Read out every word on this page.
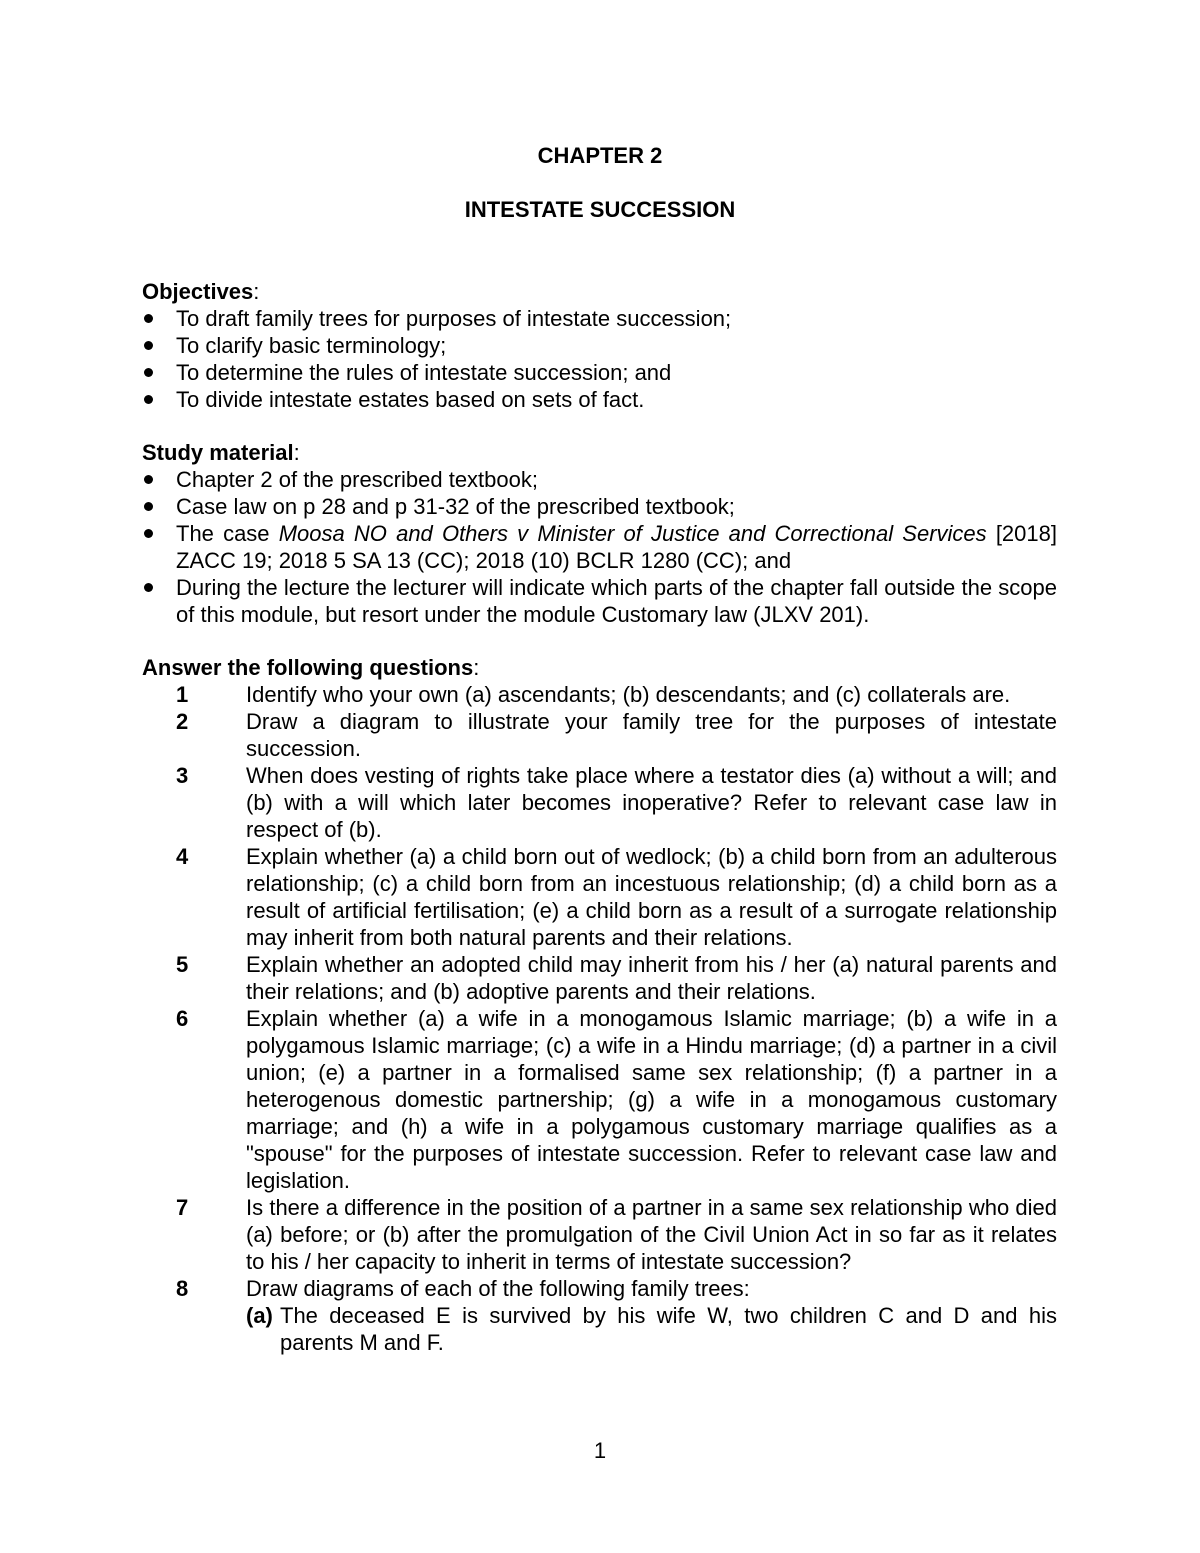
CHAPTER 2
INTESTATE SUCCESSION

Objectives:

To draft family trees for purposes of intestate succession;
To clarify basic terminology;
To determine the rules of intestate succession; and
To divide intestate estates based on sets of fact.

Study material:

Chapter 2 of the prescribed textbook;
Case law on p 28 and p 31-32 of the prescribed textbook;
The case Moosa NO and Others v Minister of Justice and Correctional Services [2018] ZACC 19; 2018 5 SA 13 (CC); 2018 (10) BCLR 1280 (CC); and
During the lecture the lecturer will indicate which parts of the chapter fall outside the scope of this module, but resort under the module Customary law (JLXV 201).

Answer the following questions:

1	Identify who your own (a) ascendants; (b) descendants; and (c) collaterals are.
2	Draw a diagram to illustrate your family tree for the purposes of intestate succession.
3	When does vesting of rights take place where a testator dies (a) without a will; and (b) with a will which later becomes inoperative? Refer to relevant case law in respect of (b).
4	Explain whether (a) a child born out of wedlock; (b) a child born from an adulterous relationship; (c) a child born from an incestuous relationship; (d) a child born as a result of artificial fertilisation; (e) a child born as a result of a surrogate relationship may inherit from both natural parents and their relations.
5	Explain whether an adopted child may inherit from his / her (a) natural parents and their relations; and (b) adoptive parents and their relations.
6	Explain whether (a) a wife in a monogamous Islamic marriage; (b) a wife in a polygamous Islamic marriage; (c) a wife in a Hindu marriage; (d) a partner in a civil union; (e) a partner in a formalised same sex relationship; (f) a partner in a heterogenous domestic partnership; (g) a wife in a monogamous customary marriage; and (h) a wife in a polygamous customary marriage qualifies as a "spouse" for the purposes of intestate succession. Refer to relevant case law and legislation.
7	Is there a difference in the position of a partner in a same sex relationship who died (a) before; or (b) after the promulgation of the Civil Union Act in so far as it relates to his / her capacity to inherit in terms of intestate succession?
8	Draw diagrams of each of the following family trees:
(a) The deceased E is survived by his wife W, two children C and D and his parents M and F.
1
